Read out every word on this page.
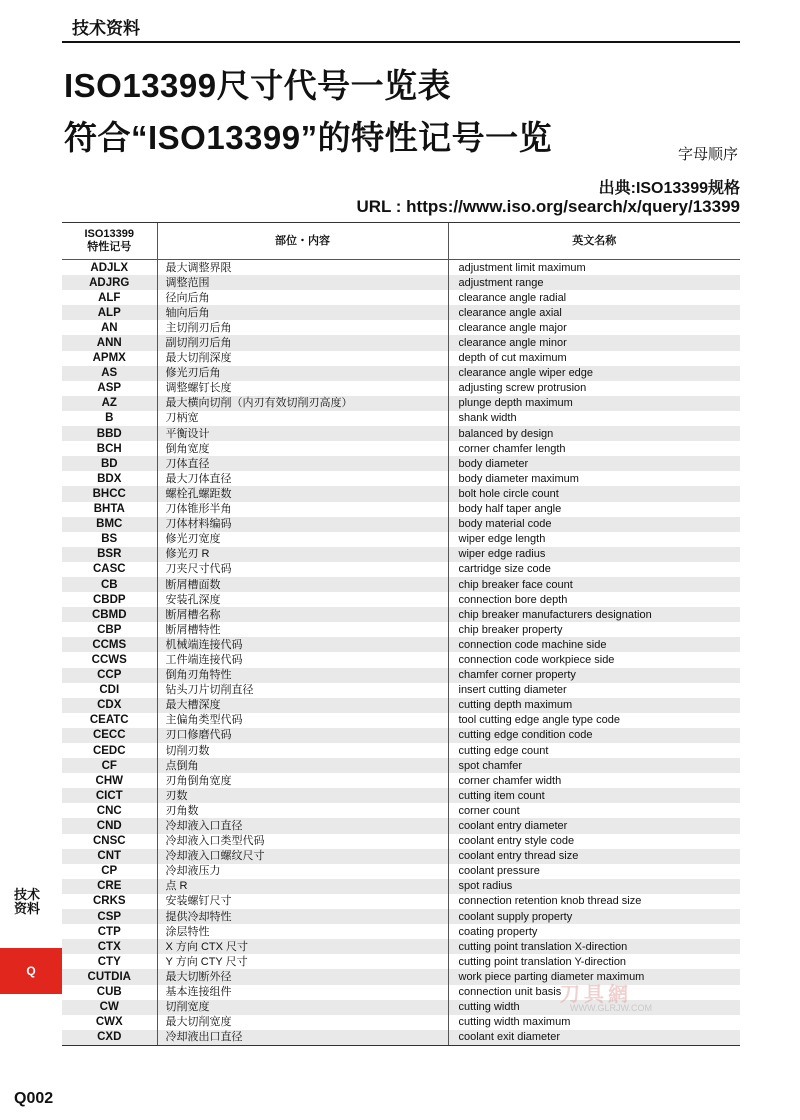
技术资料
ISO13399尺寸代号一览表
符合“ISO13399”的特性记号一览	字母顺序
出典:ISO13399规格
URL : https://www.iso.org/search/x/query/13399
ISO13399
特性记号	部位・内容	英文名称
ADJLX	最大调整界限	adjustment limit maximum
ADJRG	调整范围	adjustment range
ALF	径向后角	clearance angle radial
ALP	轴向后角	clearance angle axial
AN	主切削刃后角	clearance angle major
ANN	副切削刃后角	clearance angle minor
APMX	最大切削深度	depth of cut maximum
AS	修光刃后角	clearance angle wiper edge
ASP	调整螺钉长度	adjusting screw protrusion
AZ	最大横向切削（内刃有效切削刃高度）	plunge depth maximum
B	刀柄宽	shank width
BBD	平衡设计	balanced by design
BCH	倒角宽度	corner chamfer length
BD	刀体直径	body diameter
BDX	最大刀体直径	body diameter maximum
BHCC	螺栓孔螺距数	bolt hole circle count
BHTA	刀体锥形半角	body half taper angle
BMC	刀体材料编码	body material code
BS	修光刃宽度	wiper edge length
BSR	修光刃 R	wiper edge radius
CASC	刀夹尺寸代码	cartridge size code
CB	断屑槽面数	chip breaker face count
CBDP	安装孔深度	connection bore depth
CBMD	断屑槽名称	chip breaker manufacturers designation
CBP	断屑槽特性	chip breaker property
CCMS	机械端连接代码	connection code machine side
CCWS	工件端连接代码	connection code workpiece side
CCP	倒角刃角特性	chamfer corner property
CDI	钻头刀片切削直径	insert cutting diameter
CDX	最大槽深度	cutting depth maximum
CEATC	主偏角类型代码	tool cutting edge angle type code
CECC	刃口修磨代码	cutting edge condition code
CEDC	切削刃数	cutting edge count
CF	点倒角	spot chamfer
CHW	刃角倒角宽度	corner chamfer width
CICT	刃数	cutting item count
CNC	刃角数	corner count
CND	冷却液入口直径	coolant entry diameter
CNSC	冷却液入口类型代码	coolant entry style code
CNT	冷却液入口螺纹尺寸	coolant entry thread size
CP	冷却液压力	coolant pressure
CRE	点 R	spot radius
CRKS	安装螺钉尺寸	connection retention knob thread size
CSP	提供冷却特性	coolant supply property
CTP	涂层特性	coating property
CTX	X 方向 CTX 尺寸	cutting point translation X-direction
CTY	Y 方向 CTY 尺寸	cutting point translation Y-direction
CUTDIA	最大切断外径	work piece parting diameter maximum
CUB	基本连接组件	connection unit basis
CW	切削宽度	cutting width
CWX	最大切削宽度	cutting width maximum
CXD	冷却液出口直径	coolant exit diameter
技术资料
Q
刀具網
WWW.GLRJW.COM
Q002
